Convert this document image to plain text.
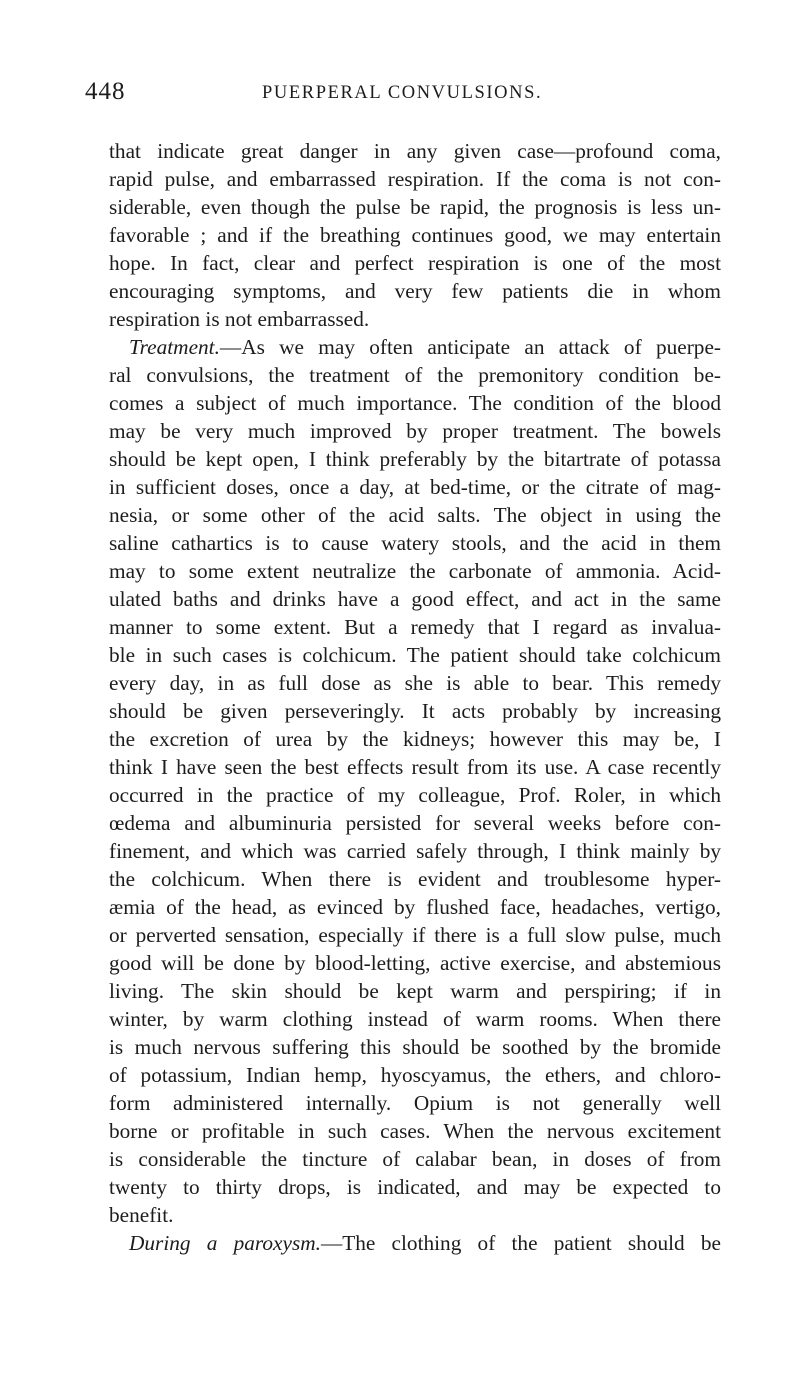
448	PUERPERAL CONVULSIONS.
that indicate great danger in any given case—profound coma,
rapid pulse, and embarrassed respiration. If the coma is not con-
siderable, even though the pulse be rapid, the prognosis is less un-
favorable ; and if the breathing continues good, we may entertain
hope. In fact, clear and perfect respiration is one of the most
encouraging symptoms, and very few patients die in whom
respiration is not embarrassed.
Treatment.—As we may often anticipate an attack of puerpe-
ral convulsions, the treatment of the premonitory condition be-
comes a subject of much importance. The condition of the blood
may be very much improved by proper treatment. The bowels
should be kept open, I think preferably by the bitartrate of potassa
in sufficient doses, once a day, at bed-time, or the citrate of mag-
nesia, or some other of the acid salts. The object in using the
saline cathartics is to cause watery stools, and the acid in them
may to some extent neutralize the carbonate of ammonia. Acid-
ulated baths and drinks have a good effect, and act in the same
manner to some extent. But a remedy that I regard as invalua-
ble in such cases is colchicum. The patient should take colchicum
every day, in as full dose as she is able to bear. This remedy
should be given perseveringly. It acts probably by increasing
the excretion of urea by the kidneys; however this may be, I
think I have seen the best effects result from its use. A case recently
occurred in the practice of my colleague, Prof. Roler, in which
œdema and albuminuria persisted for several weeks before con-
finement, and which was carried safely through, I think mainly by
the colchicum. When there is evident and troublesome hyper-
æmia of the head, as evinced by flushed face, headaches, vertigo,
or perverted sensation, especially if there is a full slow pulse, much
good will be done by blood-letting, active exercise, and abstemious
living. The skin should be kept warm and perspiring; if in
winter, by warm clothing instead of warm rooms. When there
is much nervous suffering this should be soothed by the bromide
of potassium, Indian hemp, hyoscyamus, the ethers, and chloro-
form administered internally. Opium is not generally well
borne or profitable in such cases. When the nervous excitement
is considerable the tincture of calabar bean, in doses of from
twenty to thirty drops, is indicated, and may be expected to
benefit.
During a paroxysm.—The clothing of the patient should be
